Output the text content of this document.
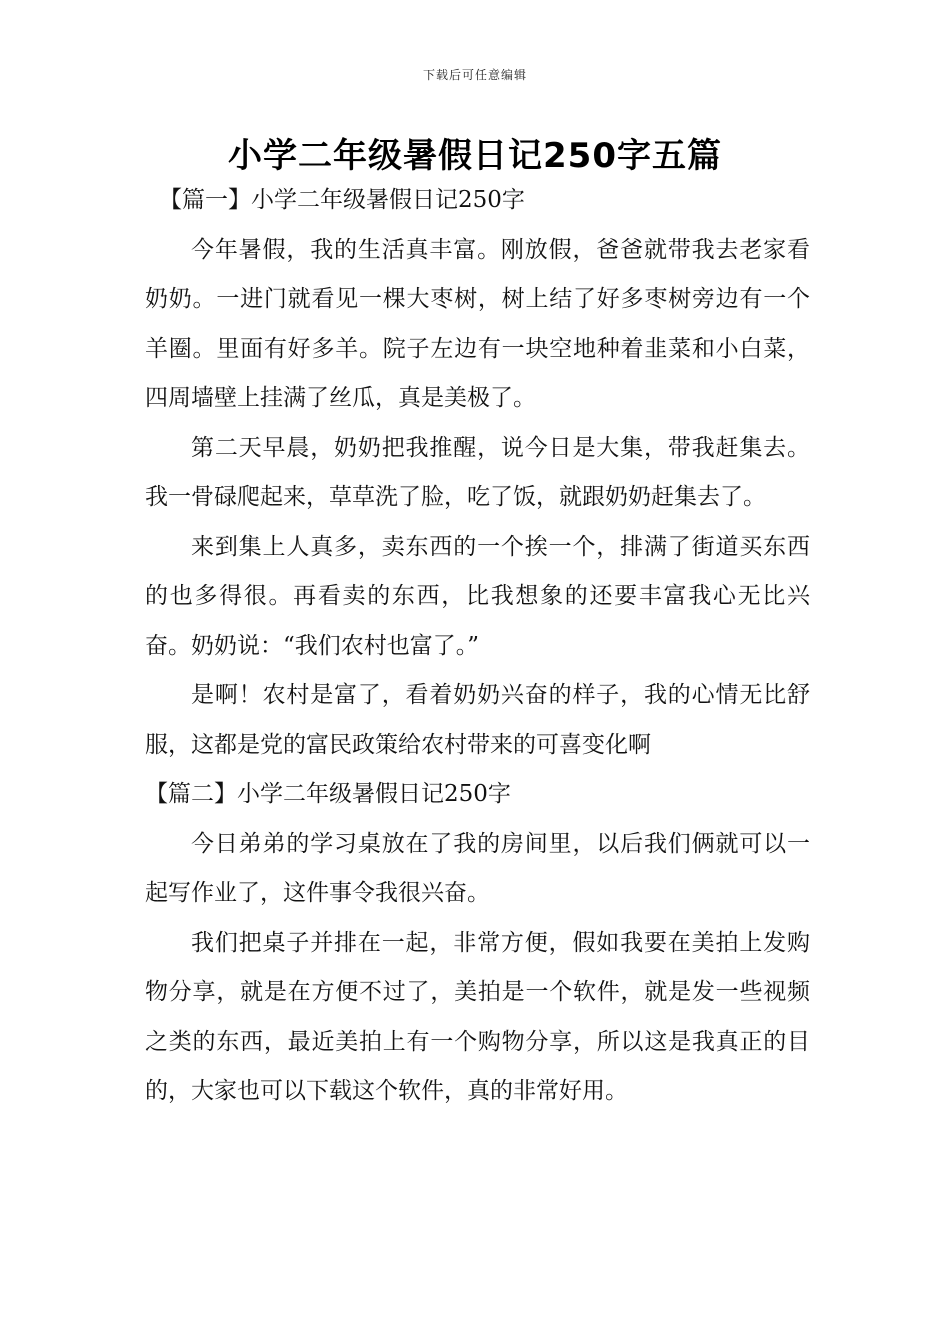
下载后可任意编辑
小学二年级暑假日记250字五篇
【篇一】小学二年级暑假日记250字

今年暑假，我的生活真丰富。刚放假，爸爸就带我去老家看奶奶。一进门就看见一棵大枣树，树上结了好多枣树旁边有一个羊圈。里面有好多羊。院子左边有一块空地种着韭菜和小白菜，四周墙壁上挂满了丝瓜，真是美极了。

第二天早晨，奶奶把我推醒，说今日是大集，带我赶集去。我一骨碌爬起来，草草洗了脸，吃了饭，就跟奶奶赶集去了。

来到集上人真多，卖东西的一个挨一个，排满了街道买东西的也多得很。再看卖的东西，比我想象的还要丰富我心无比兴奋。奶奶说：“我们农村也富了。”

是啊！农村是富了，看着奶奶兴奋的样子，我的心情无比舒服，这都是党的富民政策给农村带来的可喜变化啊

【篇二】小学二年级暑假日记250字

今日弟弟的学习桌放在了我的房间里，以后我们俩就可以一起写作业了，这件事令我很兴奋。

我们把桌子并排在一起，非常方便，假如我要在美拍上发购物分享，就是在方便不过了，美拍是一个软件，就是发一些视频之类的东西，最近美拍上有一个购物分享，所以这是我真正的目的，大家也可以下载这个软件，真的非常好用。
